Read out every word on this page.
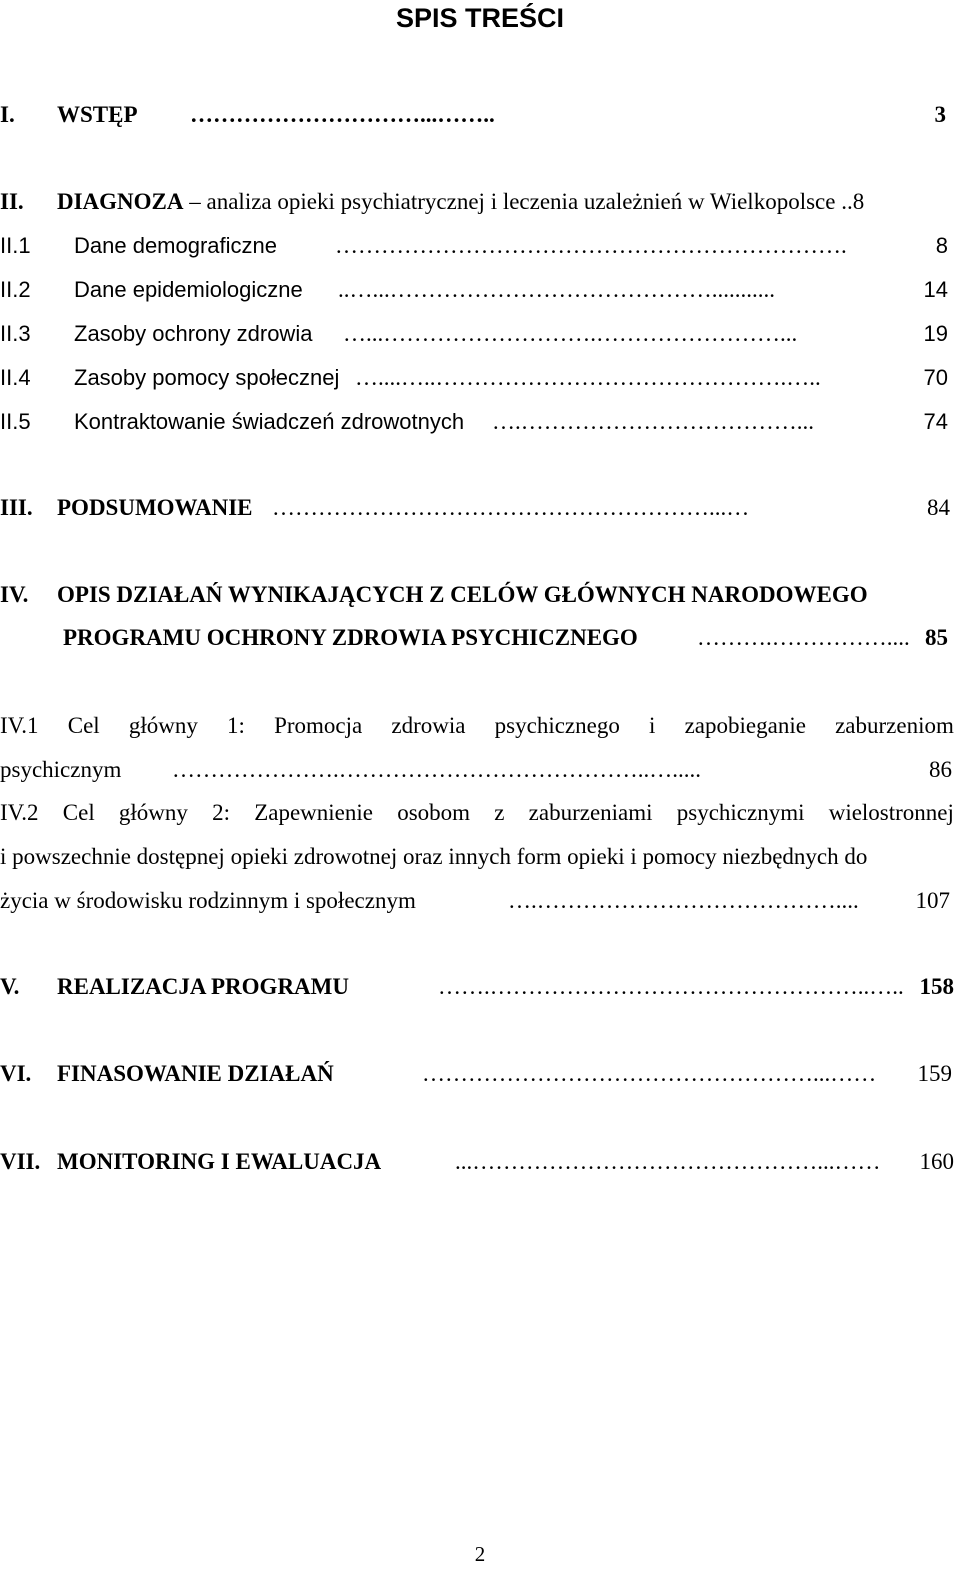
SPIS TREŚCI
I. WSTĘP …………………………...……..	3
II. DIAGNOZA – analiza opieki psychiatrycznej i leczenia uzależnień w Wielkopolsce ..8
II.1 Dane demograficzne	………………………………………………………….	8
II.2 Dane epidemiologiczne ..…...……………………………………...........	14
II.3 Zasoby ochrony zdrowia …...……………………….……………………...	19
II.4 Zasoby pomocy społecznej …....…..……………………………………….…..	70
II.5 Kontraktowanie świadczeń zdrowotnych ….………………………………...	74
III. PODSUMOWANIE …………………………………………………...…	84
IV. OPIS DZIAŁAŃ WYNIKAJĄCYCH Z CELÓW GŁÓWNYCH NARODOWEGO
PROGRAMU OCHRONY ZDROWIA PSYCHICZNEGO	……….…………….... 85
IV.1 Cel główny 1: Promocja zdrowia psychicznego i zapobieganie zaburzeniom
psychicznym ………………….…………………………………..….....	86
IV.2 Cel główny 2: Zapewnienie osobom z zaburzeniami psychicznymi wielostronnej
i powszechnie dostępnej opieki zdrowotnej oraz innych form opieki i pomocy niezbędnych do
życia w środowisku rodzinnym i społecznym	….………………………………….... 107
V. REALIZACJA PROGRAMU	…….…………………………………………..….. 158
VI. FINASOWANIE DZIAŁAŃ	……………………………………………...…… 159
VII. MONITORING I EWALUACJA	...………………………………………...…… 160
2
